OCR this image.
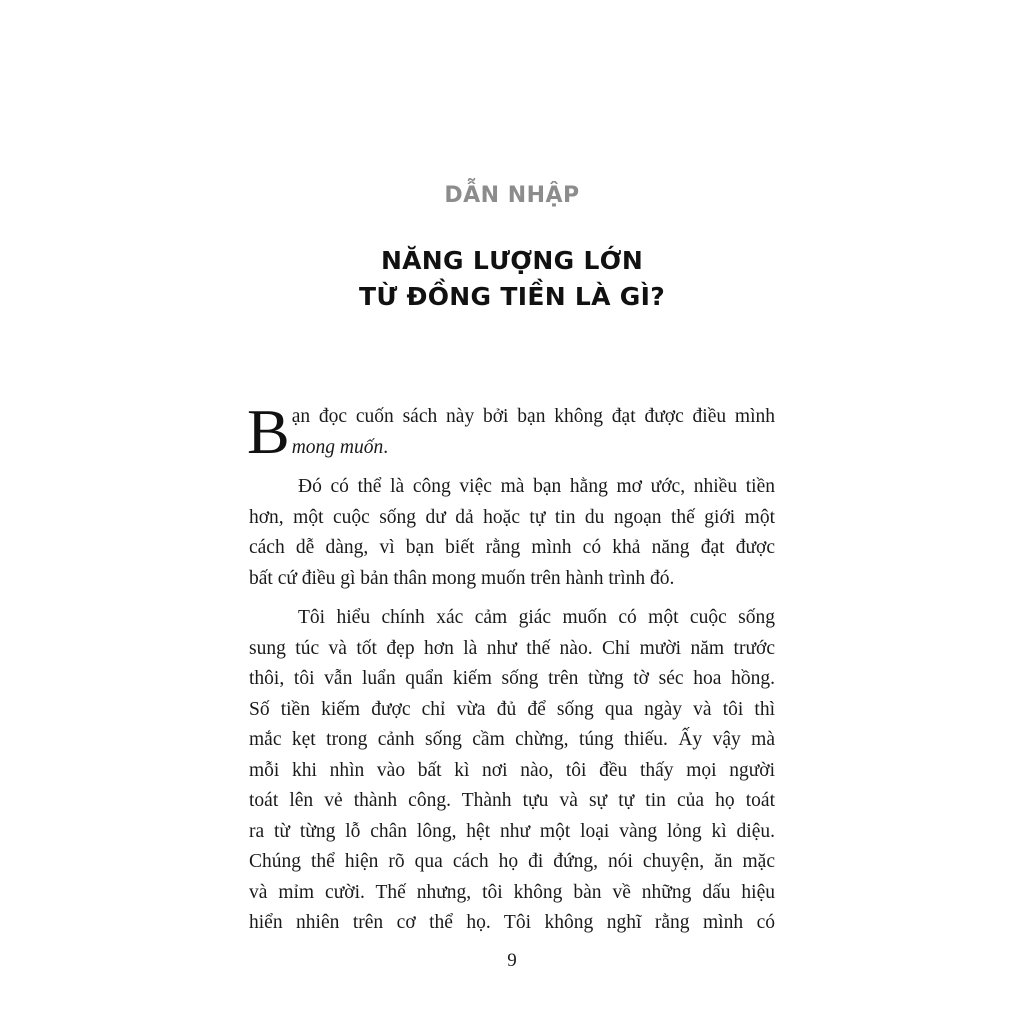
DẪN NHẬP
NĂNG LƯỢNG LỚN
TỪ ĐỒNG TIỀN LÀ GÌ?
B ạn đọc cuốn sách này bởi bạn không đạt được điều mình
mong muốn.
Đó có thể là công việc mà bạn hằng mơ ước, nhiều tiền
hơn, một cuộc sống dư dả hoặc tự tin du ngoạn thế giới một
cách dễ dàng, vì bạn biết rằng mình có khả năng đạt được
bất cứ điều gì bản thân mong muốn trên hành trình đó.
Tôi hiểu chính xác cảm giác muốn có một cuộc sống
sung túc và tốt đẹp hơn là như thế nào. Chỉ mười năm trước
thôi, tôi vẫn luẩn quẩn kiếm sống trên từng tờ séc hoa hồng.
Số tiền kiếm được chỉ vừa đủ để sống qua ngày và tôi thì
mắc kẹt trong cảnh sống cầm chừng, túng thiếu. Ấy vậy mà
mỗi khi nhìn vào bất kì nơi nào, tôi đều thấy mọi người
toát lên vẻ thành công. Thành tựu và sự tự tin của họ toát
ra từ từng lỗ chân lông, hệt như một loại vàng lỏng kì diệu.
Chúng thể hiện rõ qua cách họ đi đứng, nói chuyện, ăn mặc
và mỉm cười. Thế nhưng, tôi không bàn về những dấu hiệu
hiển nhiên trên cơ thể họ. Tôi không nghĩ rằng mình có
9
